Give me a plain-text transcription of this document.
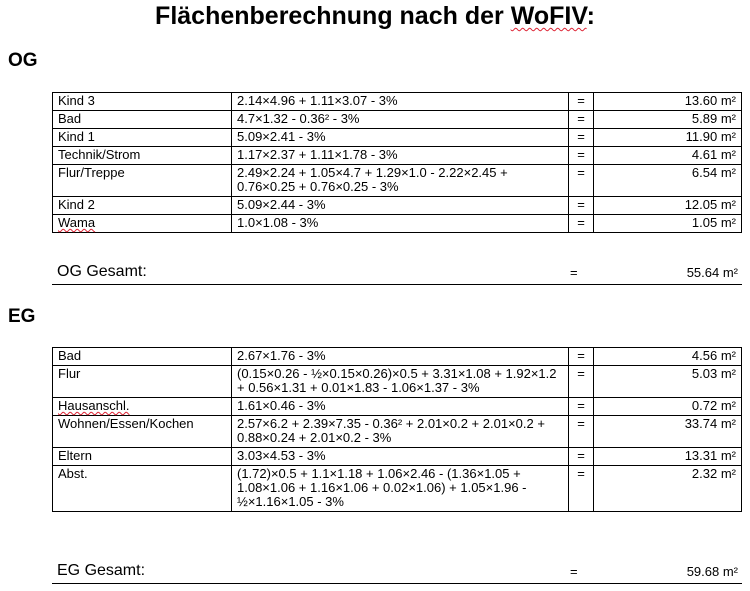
Flächenberechnung nach der WoFIV:
OG
Kind 3	2.14×4.96 + 1.11×3.07 - 3%	=	13.60 m²
Bad	4.7×1.32 - 0.36² - 3%	=	5.89 m²
Kind 1	5.09×2.41 - 3%	=	11.90 m²
Technik/Strom	1.17×2.37 + 1.11×1.78 - 3%	=	4.61 m²
Flur/Treppe	2.49×2.24 + 1.05×4.7 + 1.29×1.0 - 2.22×2.45 + 0.76×0.25 + 0.76×0.25 - 3%	=	6.54 m²
Kind 2	5.09×2.44 - 3%	=	12.05 m²
Wama	1.0×1.08 - 3%	=	1.05 m²
OG Gesamt:	=	55.64 m²
EG
Bad	2.67×1.76 - 3%	=	4.56 m²
Flur	(0.15×0.26 - ½×0.15×0.26)×0.5 + 3.31×1.08 + 1.92×1.2 + 0.56×1.31 + 0.01×1.83 - 1.06×1.37 - 3%	=	5.03 m²
Hausanschl.	1.61×0.46 - 3%	=	0.72 m²
Wohnen/Essen/Kochen	2.57×6.2 + 2.39×7.35 - 0.36² + 2.01×0.2 + 2.01×0.2 + 0.88×0.24 + 2.01×0.2 - 3%	=	33.74 m²
Eltern	3.03×4.53 - 3%	=	13.31 m²
Abst.	(1.72)×0.5 + 1.1×1.18 + 1.06×2.46 - (1.36×1.05 + 1.08×1.06 + 1.16×1.06 + 0.02×1.06) + 1.05×1.96 - ½×1.16×1.05 - 3%	=	2.32 m²
EG Gesamt:	=	59.68 m²
